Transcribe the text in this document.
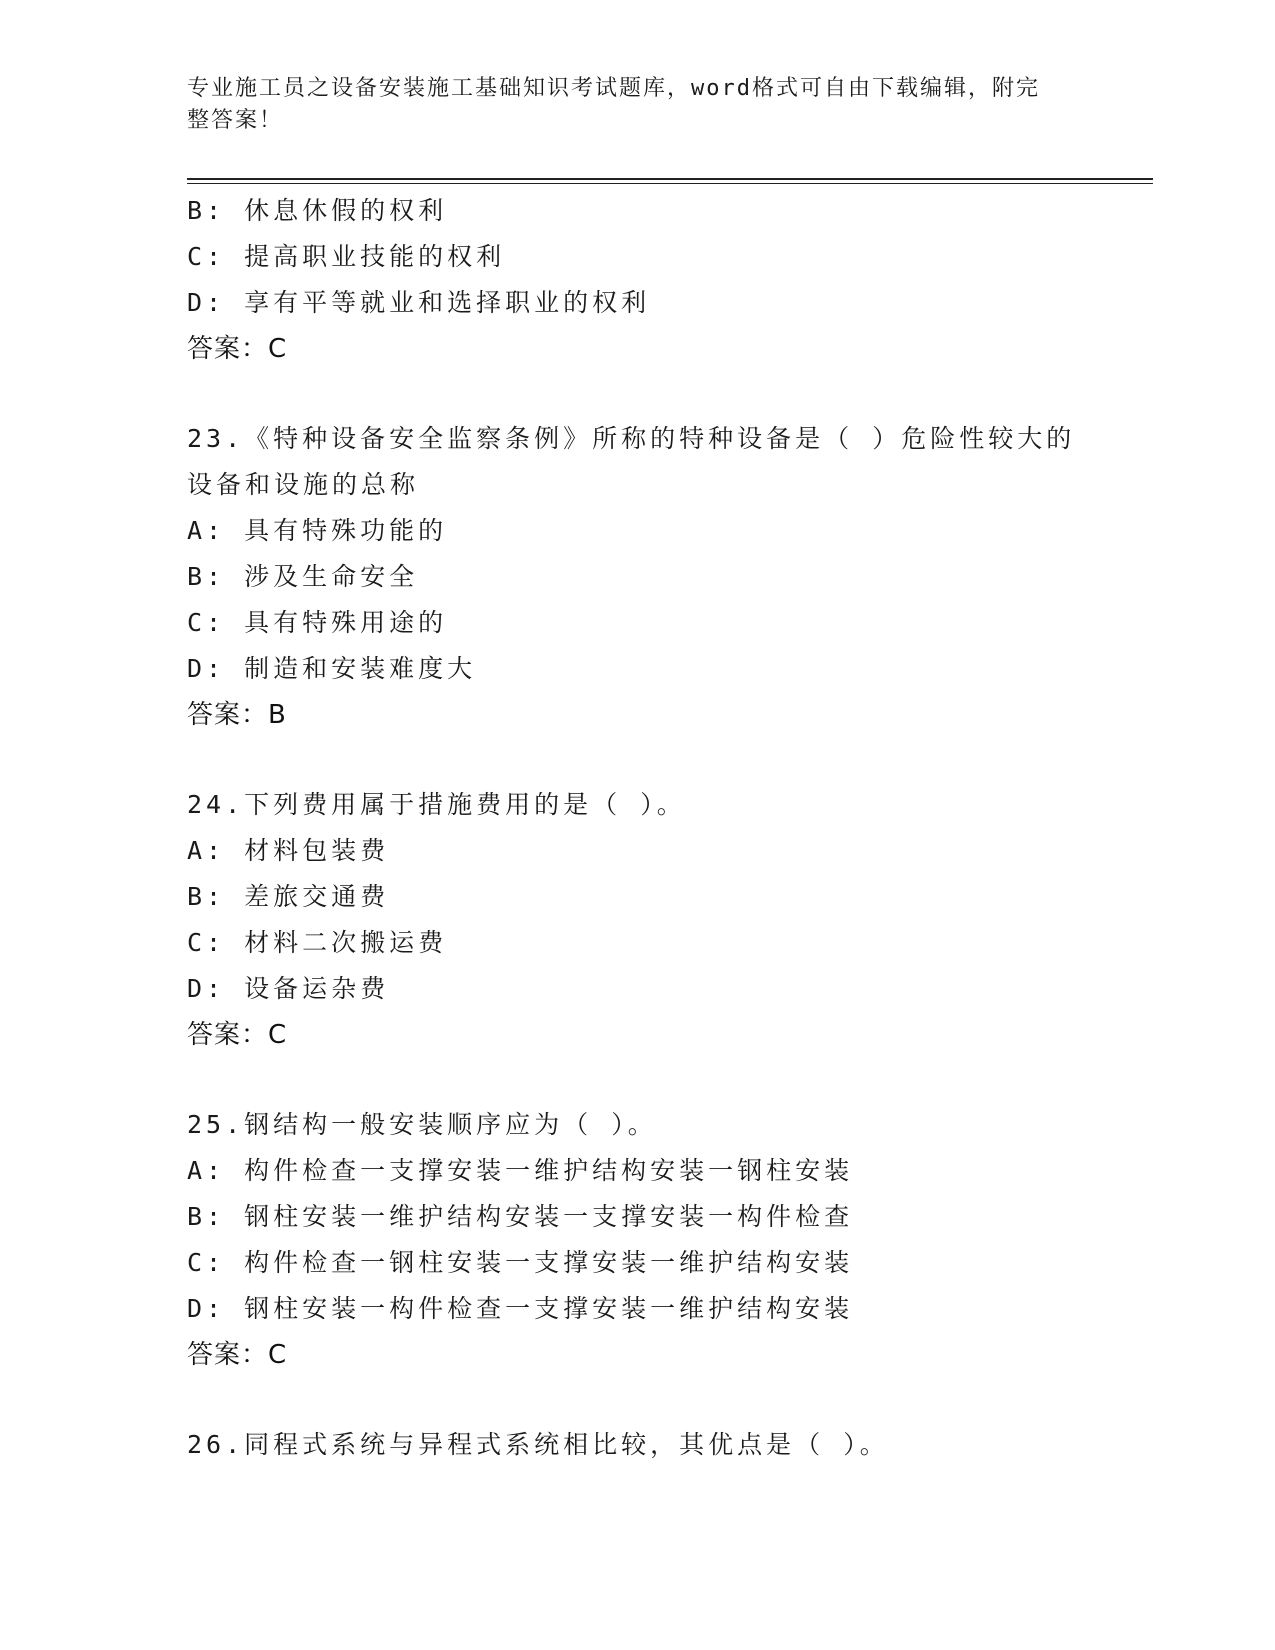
专业施工员之设备安装施工基础知识考试题库，word格式可自由下载编辑，附完
整答案！
B: 休息休假的权利
C: 提高职业技能的权利
D: 享有平等就业和选择职业的权利
答案：C
23.《特种设备安全监察条例》所称的特种设备是（ ）危险性较大的
设备和设施的总称
A: 具有特殊功能的
B: 涉及生命安全
C: 具有特殊用途的
D: 制造和安装难度大
答案：B
24.下列费用属于措施费用的是（ ）。
A: 材料包装费
B: 差旅交通费
C: 材料二次搬运费
D: 设备运杂费
答案：C
25.钢结构一般安装顺序应为（ ）。
A: 构件检查一支撑安装一维护结构安装一钢柱安装
B: 钢柱安装一维护结构安装一支撑安装一构件检查
C: 构件检查一钢柱安装一支撑安装一维护结构安装
D: 钢柱安装一构件检查一支撑安装一维护结构安装
答案：C
26.同程式系统与异程式系统相比较，其优点是（ ）。
